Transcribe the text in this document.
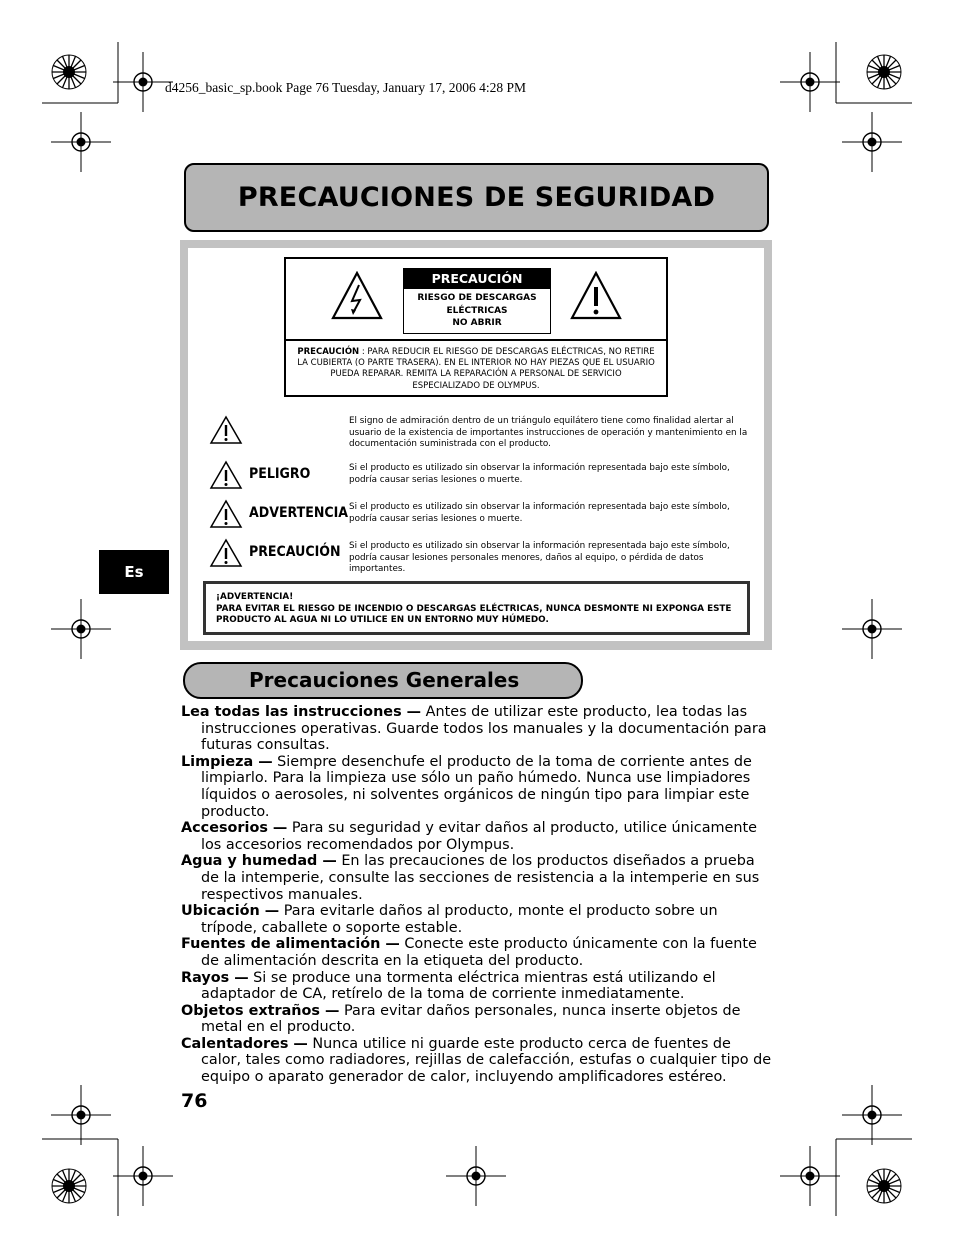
d4256_basic_sp.book Page 76 Tuesday, January 17, 2006 4:28 PM
PRECAUCIONES DE SEGURIDAD
PRECAUCIÓN
RIESGO DE DESCARGAS
ELÉCTRICAS
NO ABRIR
PRECAUCIÓN : PARA REDUCIR EL RIESGO DE DESCARGAS ELÉCTRICAS, NO RETIRE LA CUBIERTA (O PARTE TRASERA). EN EL INTERIOR NO HAY PIEZAS QUE EL USUARIO PUEDA REPARAR. REMITA LA REPARACIÓN A PERSONAL DE SERVICIO ESPECIALIZADO DE OLYMPUS.
El signo de admiración dentro de un triángulo equilátero tiene como finalidad alertar al usuario de la existencia de importantes instrucciones de operación y mantenimiento en la documentación suministrada con el producto.
PELIGRO	Si el producto es utilizado sin observar la información representada bajo este símbolo, podría causar serias lesiones o muerte.
ADVERTENCIA Si el producto es utilizado sin observar la información representada bajo este símbolo, podría causar serias lesiones o muerte.
PRECAUCIÓN Si el producto es utilizado sin observar la información representada bajo este símbolo, podría causar lesiones personales menores, daños al equipo, o pérdida de datos importantes.
¡ADVERTENCIA!
PARA EVITAR EL RIESGO DE INCENDIO O DESCARGAS ELÉCTRICAS, NUNCA DESMONTE NI EXPONGA ESTE PRODUCTO AL AGUA NI LO UTILICE EN UN ENTORNO MUY HÚMEDO.
Precauciones Generales

Lea todas las instrucciones — Antes de utilizar este producto, lea todas las instrucciones operativas. Guarde todos los manuales y la documentación para futuras consultas.

Limpieza — Siempre desenchufe el producto de la toma de corriente antes de limpiarlo. Para la limpieza use sólo un paño húmedo. Nunca use limpiadores líquidos o aerosoles, ni solventes orgánicos de ningún tipo para limpiar este producto.

Accesorios — Para su seguridad y evitar daños al producto, utilice únicamente los accesorios recomendados por Olympus.

Agua y humedad — En las precauciones de los productos diseñados a prueba de la intemperie, consulte las secciones de resistencia a la intemperie en sus respectivos manuales.

Ubicación — Para evitarle daños al producto, monte el producto sobre un trípode, caballete o soporte estable.

Fuentes de alimentación — Conecte este producto únicamente con la fuente de alimentación descrita en la etiqueta del producto.

Rayos — Si se produce una tormenta eléctrica mientras está utilizando el adaptador de CA, retírelo de la toma de corriente inmediatamente.

Objetos extraños — Para evitar daños personales, nunca inserte objetos de metal en el producto.

Calentadores — Nunca utilice ni guarde este producto cerca de fuentes de calor, tales como radiadores, rejillas de calefacción, estufas o cualquier tipo de equipo o aparato generador de calor, incluyendo amplificadores estéreo.

Es
76
